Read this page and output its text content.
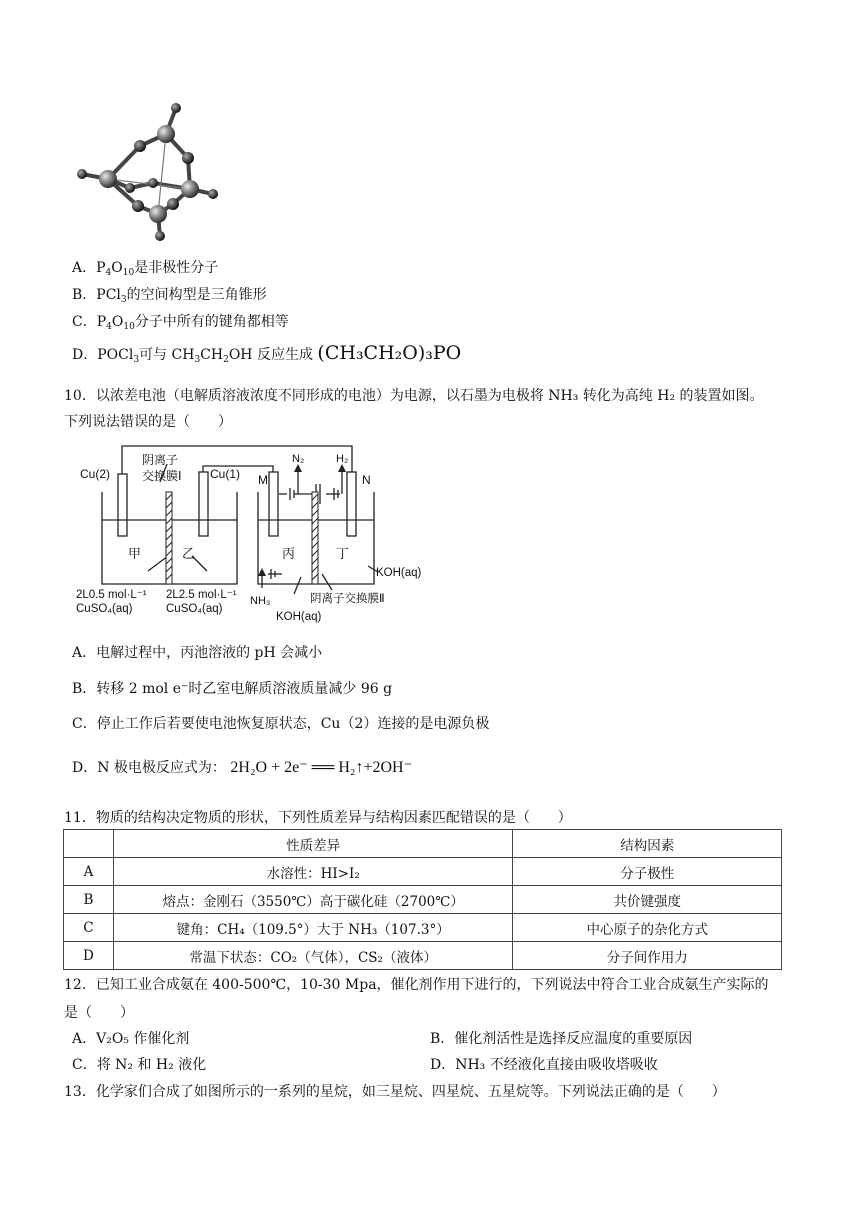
A．$P_4O_{10}$是非极性分子
B．PCl$_3$的空间构型是三角锥形
C．$P_4O_{10}$分子中所有的键角都相等
D．POCl$_3$可与 $CH_3CH_2OH$ 反应生成 (CH₃CH₂O)₃PO
10．以浓差电池（电解质溶液浓度不同形成的电池）为电源，以石墨为电极将 NH₃ 转化为高纯 H₂ 的装置如图。
下列说法错误的是（　　）
Cu(2)
阴离子
交换膜Ⅰ Cu(1) M
N₂	H₂
N
甲	乙	丙	丁
2L0.5 mol·L⁻¹
CuSO₄(aq)
2L2.5 mol·L⁻¹
CuSO₄(aq)
KOH(aq)
阴离子交换膜Ⅱ
NH₃
KOH(aq)
A．电解过程中，丙池溶液的 pH 会减小
B．转移 2 mol e⁻时乙室电解质溶液质量减少 96 g
C．停止工作后若要使电池恢复原状态，Cu（2）连接的是电源负极
D．N 极电极反应式为： 2H₂O + 2e⁻ ══ H₂↑+2OH⁻
11．物质的结构决定物质的形状，下列性质差异与结构因素匹配错误的是（　　）
	性质差异	结构因素
A	水溶性：HI>I₂	分子极性
B	熔点：金刚石（3550℃）高于碳化硅（2700℃）	共价键强度
C	键角：CH₄（109.5°）大于 NH₃（107.3°）	中心原子的杂化方式
D	常温下状态：CO₂（气体），CS₂（液体）	分子间作用力
12．已知工业合成氨在 400-500℃，10-30 Mpa，催化剂作用下进行的，下列说法中符合工业合成氨生产实际的
是（　　）
A．V₂O₅ 作催化剂	B．催化剂活性是选择反应温度的重要原因
C．将 N₂ 和 H₂ 液化	D．NH₃ 不经液化直接由吸收塔吸收
13．化学家们合成了如图所示的一系列的星烷，如三星烷、四星烷、五星烷等。下列说法正确的是（　　）
